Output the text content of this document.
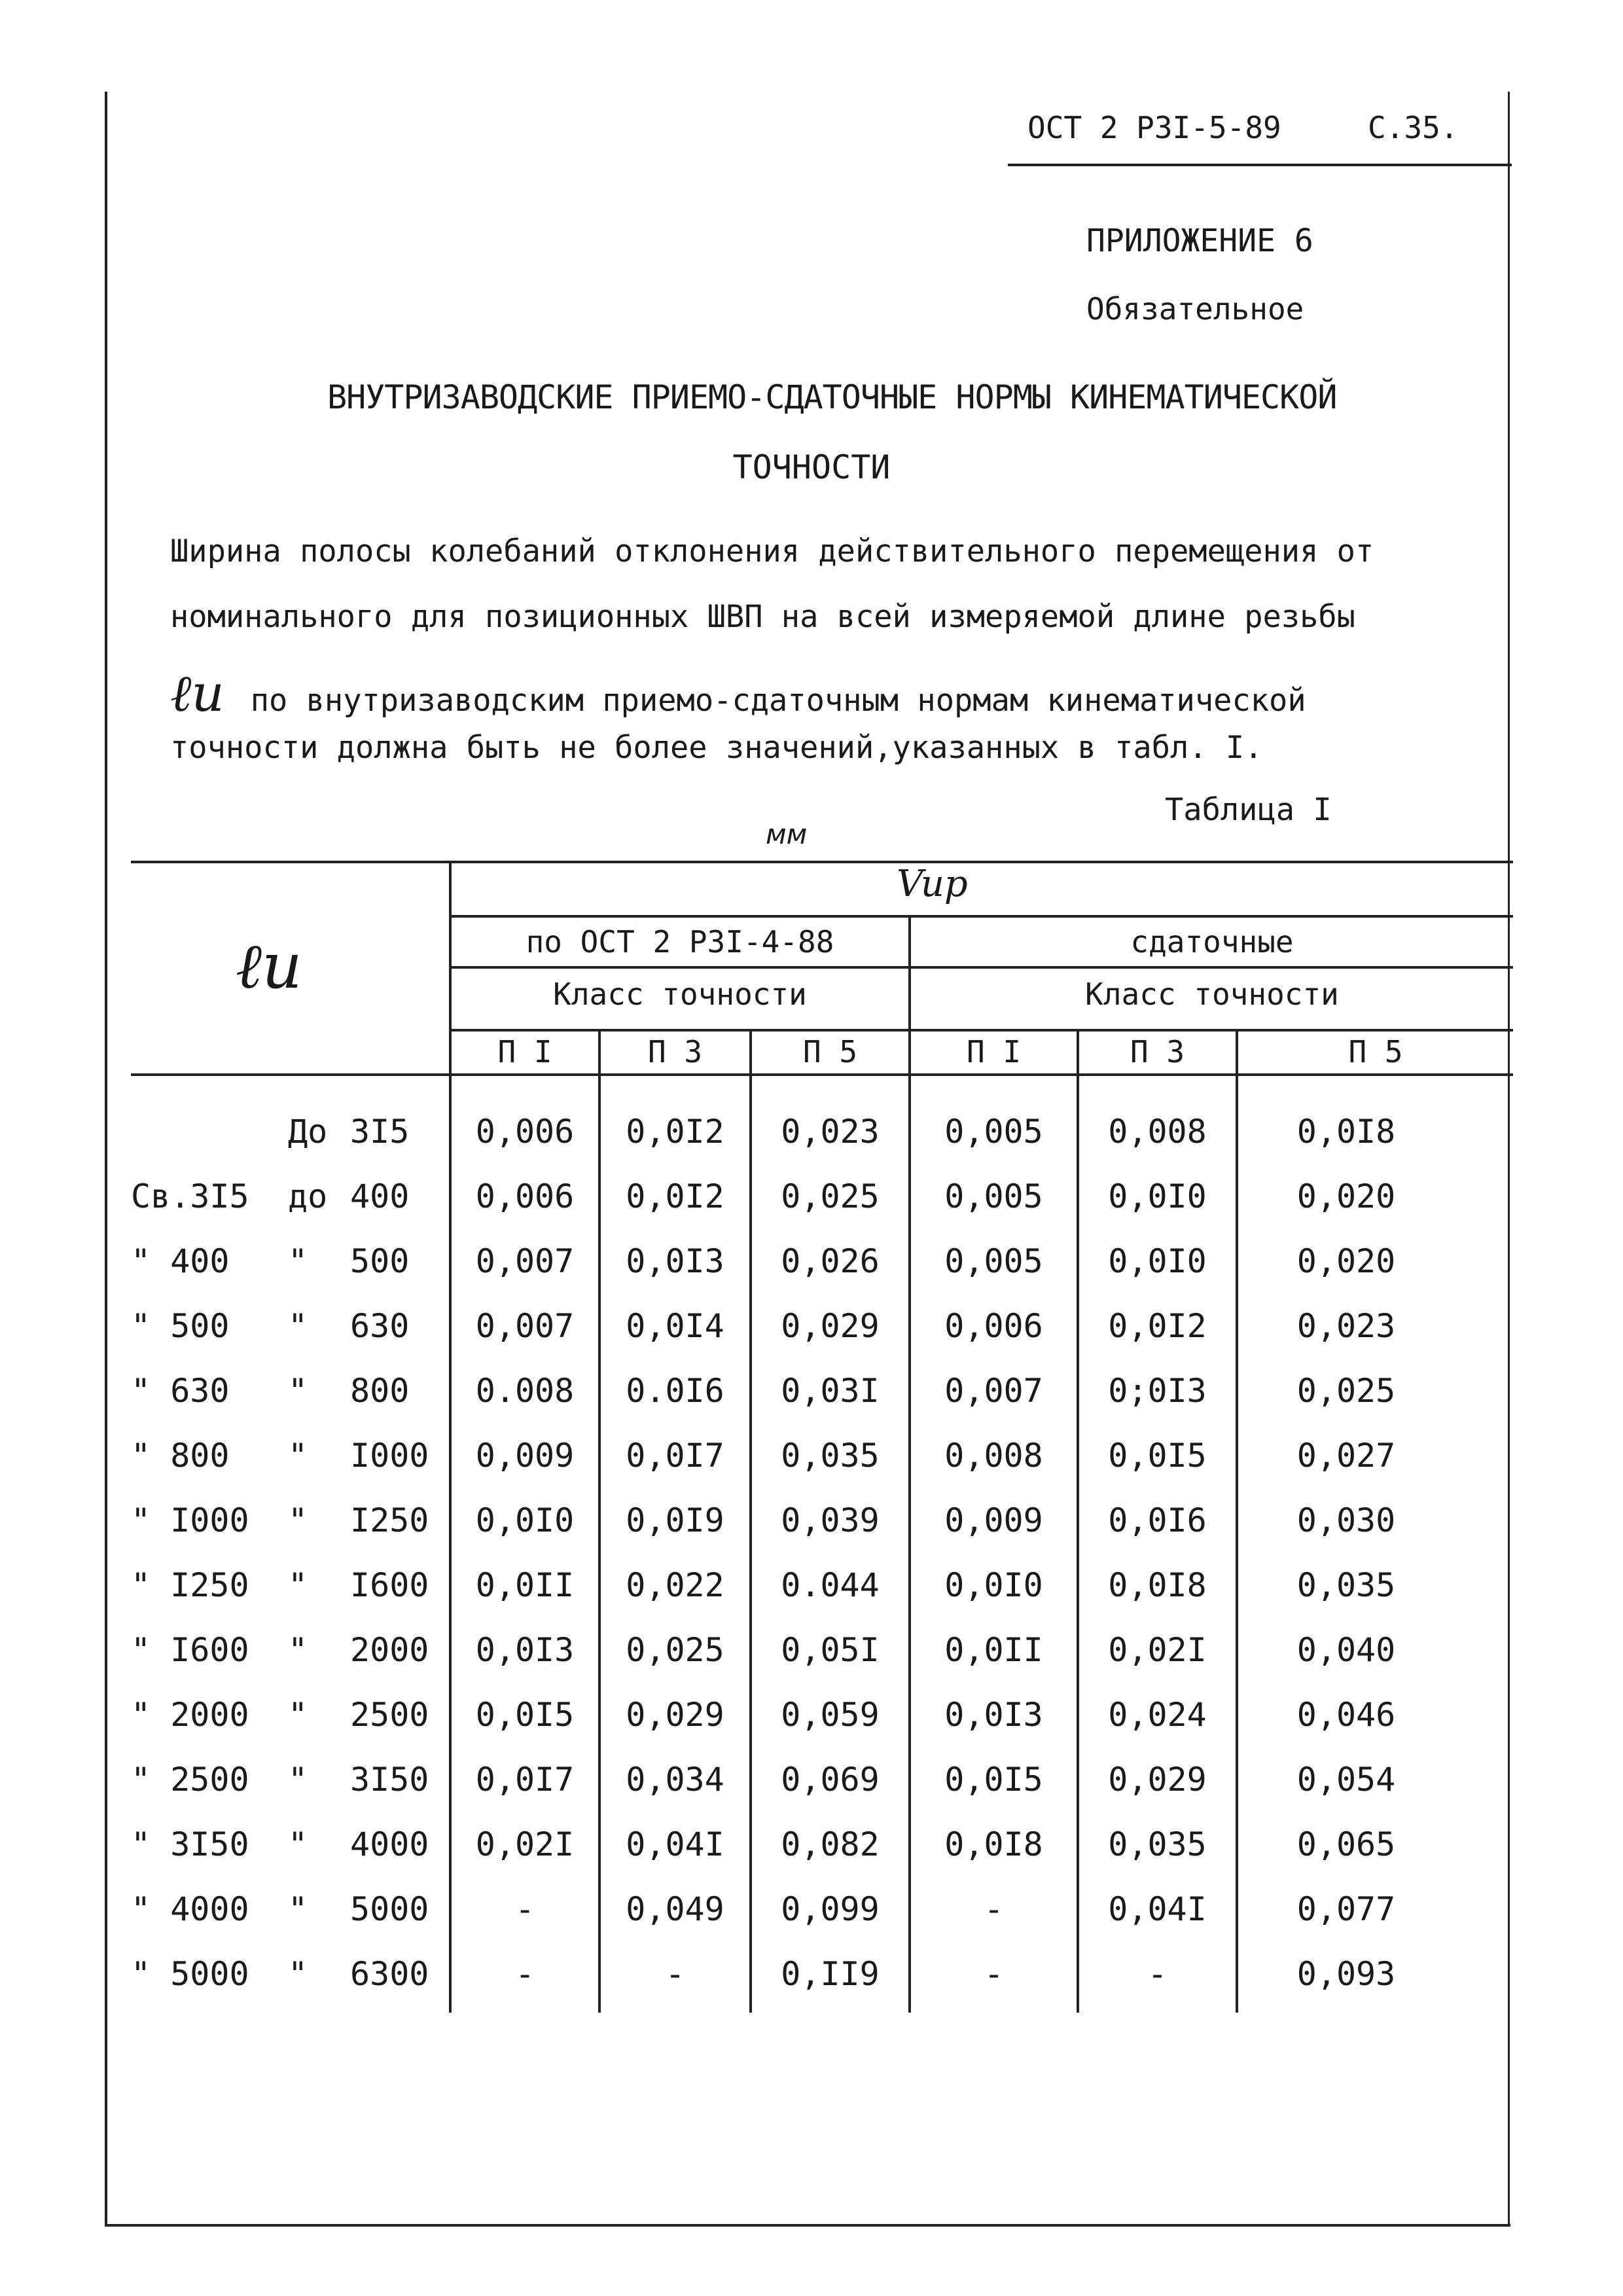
ОСТ 2 РЗI-5-89	С.35.
ПРИЛОЖЕНИЕ 6
Обязательное
ВНУТРИЗАВОДСКИЕ ПРИЕМО-СДАТОЧНЫЕ НОРМЫ КИНЕМАТИЧЕСКОЙ
ТОЧНОСТИ
Ширина полосы колебаний отклонения действительного перемещения от
номинального для позиционных ШВП на всей измеряемой длине резьбы
ℓu по внутризаводским приемо-сдаточным нормам кинематической
точности должна быть не более значений,указанных в табл. I.
Таблица I
мм
ℓu
Vup
по ОСТ 2 РЗI-4-88	сдаточные
Класс точности	Класс точности
П I	П 3	П 5	П I	П 3	П 5
До 3I5	0,006	0,0I2	0,023	0,005	0,008	0,0I8
Св.3I5 до 400	0,006	0,0I2	0,025	0,005	0,0I0	0,020
" 400 " 500	0,007	0,0I3	0,026	0,005	0,0I0	0,020
" 500 " 630	0,007	0,0I4	0,029	0,006	0,0I2	0,023
" 630 " 800	0.008	0.0I6	0,03I	0,007	0;0I3	0,025
" 800 " I000	0,009	0,0I7	0,035	0,008	0,0I5	0,027
" I000 " I250	0,0I0	0,0I9	0,039	0,009	0,0I6	0,030
" I250 " I600	0,0II	0,022	0.044	0,0I0	0,0I8	0,035
" I600 " 2000	0,0I3	0,025	0,05I	0,0II	0,02I	0,040
" 2000 " 2500	0,0I5	0,029	0,059	0,0I3	0,024	0,046
" 2500 " 3I50	0,0I7	0,034	0,069	0,0I5	0,029	0,054
" 3I50 " 4000	0,02I	0,04I	0,082	0,0I8	0,035	0,065
" 4000 " 5000	-	0,049	0,099	-	0,04I	0,077
" 5000 " 6300	-	-	0,II9	-	-	0,093
